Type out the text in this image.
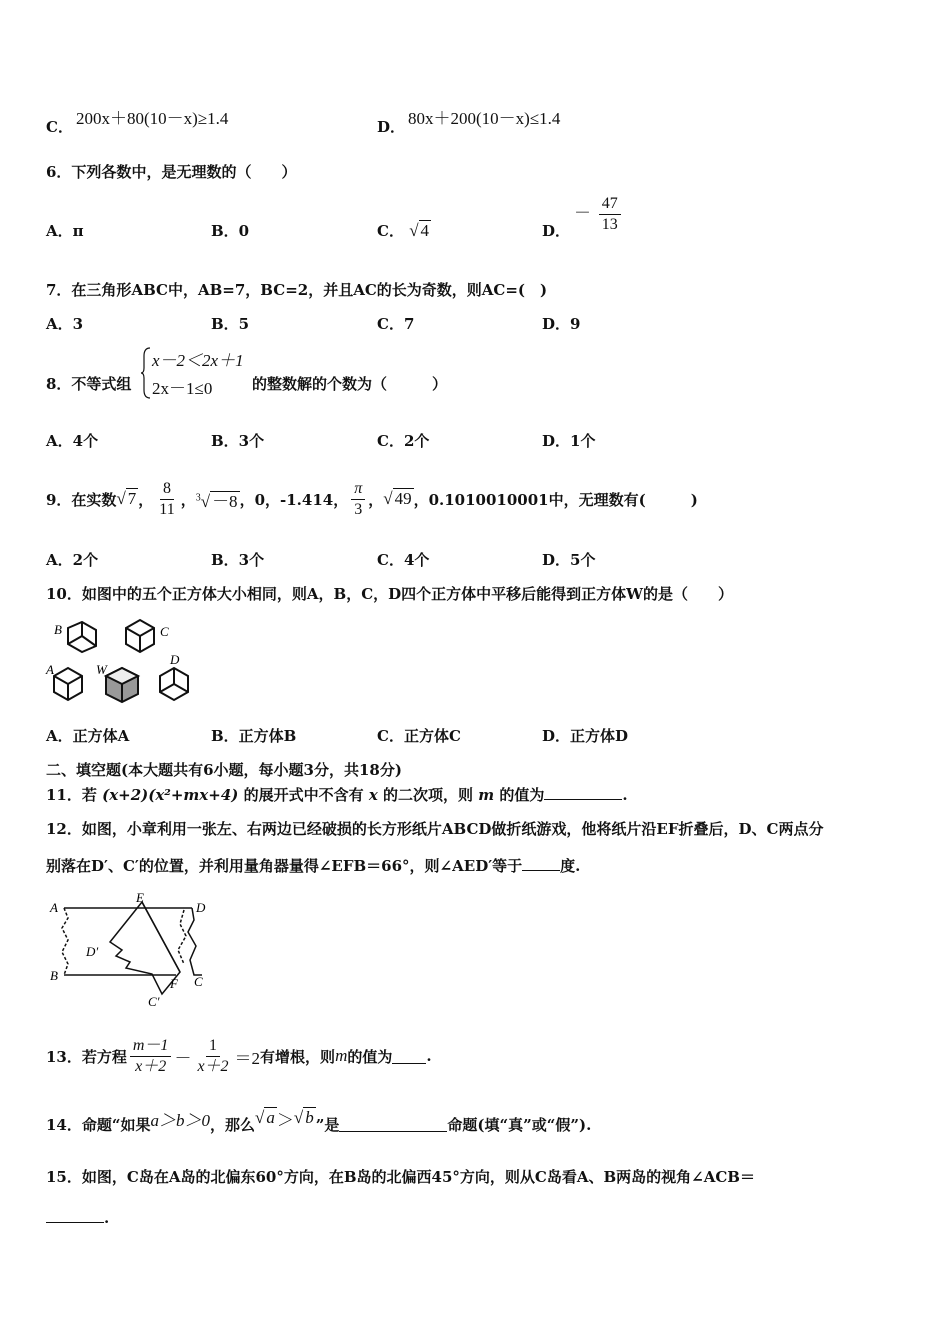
C． 200x＋80(10－x)≥1.4	D． 80x＋200(10－x)≤1.4
6．下列各数中，是无理数的（　　）
A．π	B．0	C． √ 4	D．
－ $\frac{47}{13}$
7．在三角形ABC中，AB=7，BC=2，并且AC的长为奇数，则AC=(　)
A．3	B．5	C．7	D．9
8．不等式组
x－2＜2x＋1
2x－1≤0	的整数解的个数为（　　　）
A．4个	B．3个	C．2个	D．1个
9．在实数 √ 7 ， $\frac{8}{11}$ ， $^3$√ －8 ，0，-1.414， $\frac{\pi}{3}$ ， √ 49 ，0.1010010001中，无理数有(　　　)
A．2个	B．3个	C．4个	D．5个
10．如图中的五个正方体大小相同，则A，B，C，D四个正方体中平移后能得到正方体W的是（　　）
B	C
A	W
D
A．正方体A	B．正方体B	C．正方体C	D．正方体D
二、填空题(本大题共有6小题，每小题3分，共18分)
11．若 (x+2)(x²+mx+4) 的展开式中不含有 x 的二次项，则 m 的值为	.
12．如图，小章利用一张左、右两边已经破损的长方形纸片ABCD做折纸游戏，他将纸片沿EF折叠后，D、C两点分
别落在D′、C′的位置，并利用量角器量得∠EFB＝66°，则∠AED′等于	度.
A
E
D
D′
B
F C
C′
13．若方程 $\frac{m-1}{x+2} - \frac{1}{x+2} =2$ 有增根，则 m 的值为 .
14．命题“如果 a＞b＞0 ，那么 √ a ＞ √ b ”是	命题(填“真”或“假”).
15．如图，C岛在A岛的北偏东60°方向，在B岛的北偏西45°方向，则从C岛看A、B两岛的视角∠ACB＝
.
